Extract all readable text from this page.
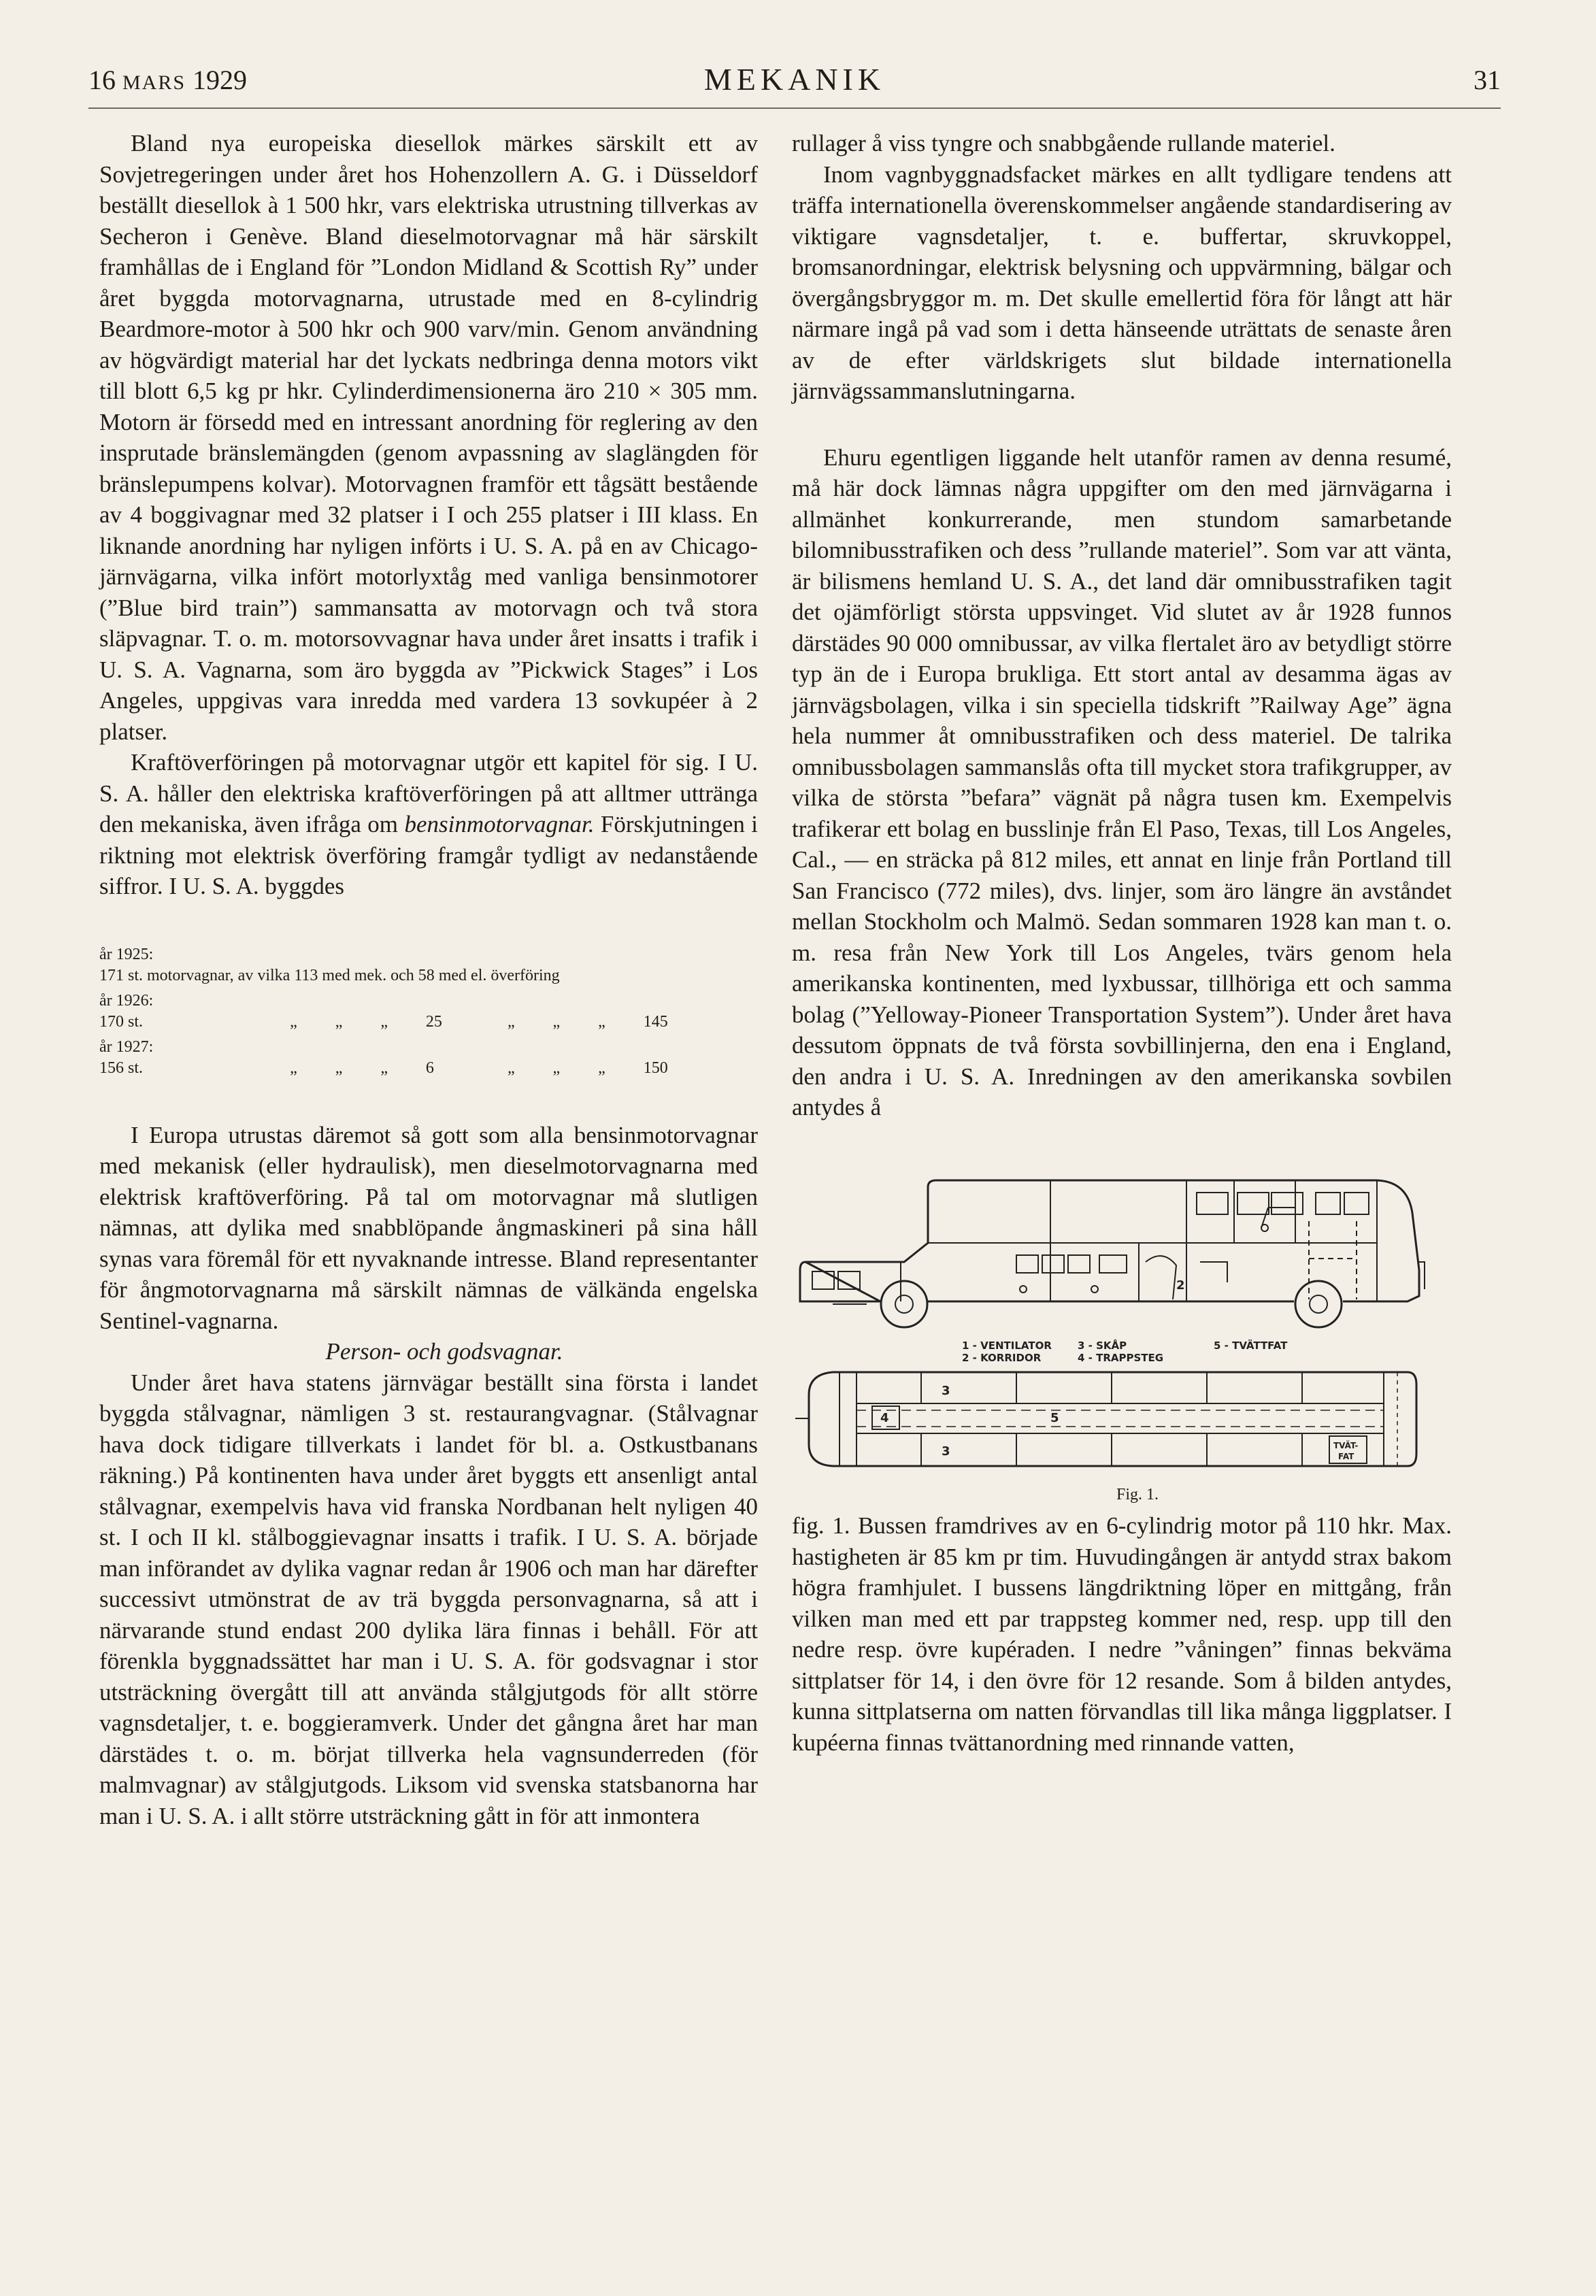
16 MARS 1929	MEKANIK	31

Bland nya europeiska diesellok märkes särskilt ett av Sovjetregeringen under året hos Hohenzollern A. G. i Düsseldorf beställt diesellok à 1 500 hkr, vars elektriska utrustning tillverkas av Secheron i Genève. Bland dieselmotorvagnar må här särskilt framhållas de i England för ”London Midland & Scottish Ry” under året byggda motorvagnarna, utrustade med en 8-cylindrig Beardmore-motor à 500 hkr och 900 varv/min. Genom användning av högvärdigt material har det lyckats nedbringa denna motors vikt till blott 6,5 kg pr hkr. Cylinderdimensionerna äro 210 × 305 mm. Motorn är försedd med en intressant anordning för reglering av den insprutade bränslemängden (genom avpassning av slaglängden för bränslepumpens kolvar). Motorvagnen framför ett tågsätt bestående av 4 boggivagnar med 32 platser i I och 255 platser i III klass. En liknande anordning har nyligen införts i U. S. A. på en av Chicago-järnvägarna, vilka infört motorlyxtåg med vanliga bensinmotorer (”Blue bird train”) sammansatta av motorvagn och två stora släpvagnar. T. o. m. motorsovvagnar hava under året insatts i trafik i U. S. A. Vagnarna, som äro byggda av ”Pickwick Stages” i Los Angeles, uppgivas vara inredda med vardera 13 sovkupéer à 2 platser.

Kraftöverföringen på motorvagnar utgör ett kapitel för sig. I U. S. A. håller den elektriska kraftöverföringen på att alltmer uttränga den mekaniska, även ifråga om bensinmotorvagnar. Förskjutningen i riktning mot elektrisk överföring framgår tydligt av nedanstående siffror. I U. S. A. byggdes

år 1925:								
171 st. motorvagnar, av vilka 113 med mek. och 58 med el. överföring								
år 1926:								
170 st.	„	„	„	25	„	„	„	145
år 1927:								
156 st.	„	„	„	6	„	„	„	150

I Europa utrustas däremot så gott som alla bensinmotorvagnar med mekanisk (eller hydraulisk), men dieselmotorvagnarna med elektrisk kraftöverföring. På tal om motorvagnar må slutligen nämnas, att dylika med snabblöpande ångmaskineri på sina håll synas vara föremål för ett nyvaknande intresse. Bland representanter för ångmotorvagnarna må särskilt nämnas de välkända engelska Sentinel-vagnarna.

Person- och godsvagnar.

Under året hava statens järnvägar beställt sina första i landet byggda stålvagnar, nämligen 3 st. restaurangvagnar. (Stålvagnar hava dock tidigare tillverkats i landet för bl. a. Ostkustbanans räkning.) På kontinenten hava under året byggts ett ansenligt antal stålvagnar, exempelvis hava vid franska Nordbanan helt nyligen 40 st. I och II kl. stålboggievagnar insatts i trafik. I U. S. A. började man införandet av dylika vagnar redan år 1906 och man har därefter successivt utmönstrat de av trä byggda personvagnarna, så att i närvarande stund endast 200 dylika lära finnas i behåll. För att förenkla byggnadssättet har man i U. S. A. för godsvagnar i stor utsträckning övergått till att använda stålgjutgods för allt större vagnsdetaljer, t. e. boggieramverk. Under det gångna året har man därstädes t. o. m. börjat tillverka hela vagnsunderreden (för malmvagnar) av stålgjutgods. Liksom vid svenska statsbanorna har man i U. S. A. i allt större utsträckning gått in för att inmontera

rullager å viss tyngre och snabbgående rullande materiel.

Inom vagnbyggnadsfacket märkes en allt tydligare tendens att träffa internationella överenskommelser angående standardisering av viktigare vagnsdetaljer, t. e. buffertar, skruvkoppel, bromsanordningar, elektrisk belysning och uppvärmning, bälgar och övergångsbryggor m. m. Det skulle emellertid föra för långt att här närmare ingå på vad som i detta hänseende uträttats de senaste åren av de efter världskrigets slut bildade internationella järnvägssammanslutningarna.

Ehuru egentligen liggande helt utanför ramen av denna resumé, må här dock lämnas några uppgifter om den med järnvägarna i allmänhet konkurrerande, men stundom samarbetande bilomnibusstrafiken och dess ”rullande materiel”. Som var att vänta, är bilismens hemland U. S. A., det land där omnibusstrafiken tagit det ojämförligt största uppsvinget. Vid slutet av år 1928 funnos därstädes 90 000 omnibussar, av vilka flertalet äro av betydligt större typ än de i Europa brukliga. Ett stort antal av desamma ägas av järnvägsbolagen, vilka i sin speciella tidskrift ”Railway Age” ägna hela nummer åt omnibusstrafiken och dess materiel. De talrika omnibussbolagen sammanslås ofta till mycket stora trafikgrupper, av vilka de största ”befara” vägnät på några tusen km. Exempelvis trafikerar ett bolag en busslinje från El Paso, Texas, till Los Angeles, Cal., — en sträcka på 812 miles, ett annat en linje från Portland till San Francisco (772 miles), dvs. linjer, som äro längre än avståndet mellan Stockholm och Malmö. Sedan sommaren 1928 kan man t. o. m. resa från New York till Los Angeles, tvärs genom hela amerikanska kontinenten, med lyxbussar, tillhöriga ett och samma bolag (”Yelloway-Pioneer Transportation System”). Under året hava dessutom öppnats de två första sovbillinjerna, den ena i England, den andra i U. S. A. Inredningen av den amerikanska sovbilen antydes å

1 - VENTILATOR
2 - KORRIDOR
3 - SKÅP
4 - TRAPPSTEG
5 - TVÄTTFAT
2
3
3
4	5
TVÄT-
FAT

Fig. 1.

fig. 1. Bussen framdrives av en 6-cylindrig motor på 110 hkr. Max. hastigheten är 85 km pr tim. Huvudingången är antydd strax bakom högra framhjulet. I bussens längdriktning löper en mittgång, från vilken man med ett par trappsteg kommer ned, resp. upp till den nedre resp. övre kupéraden. I nedre ”våningen” finnas bekväma sittplatser för 14, i den övre för 12 resande. Som å bilden antydes, kunna sittplatserna om natten förvandlas till lika många liggplatser. I kupéerna finnas tvättanordning med rinnande vatten,
